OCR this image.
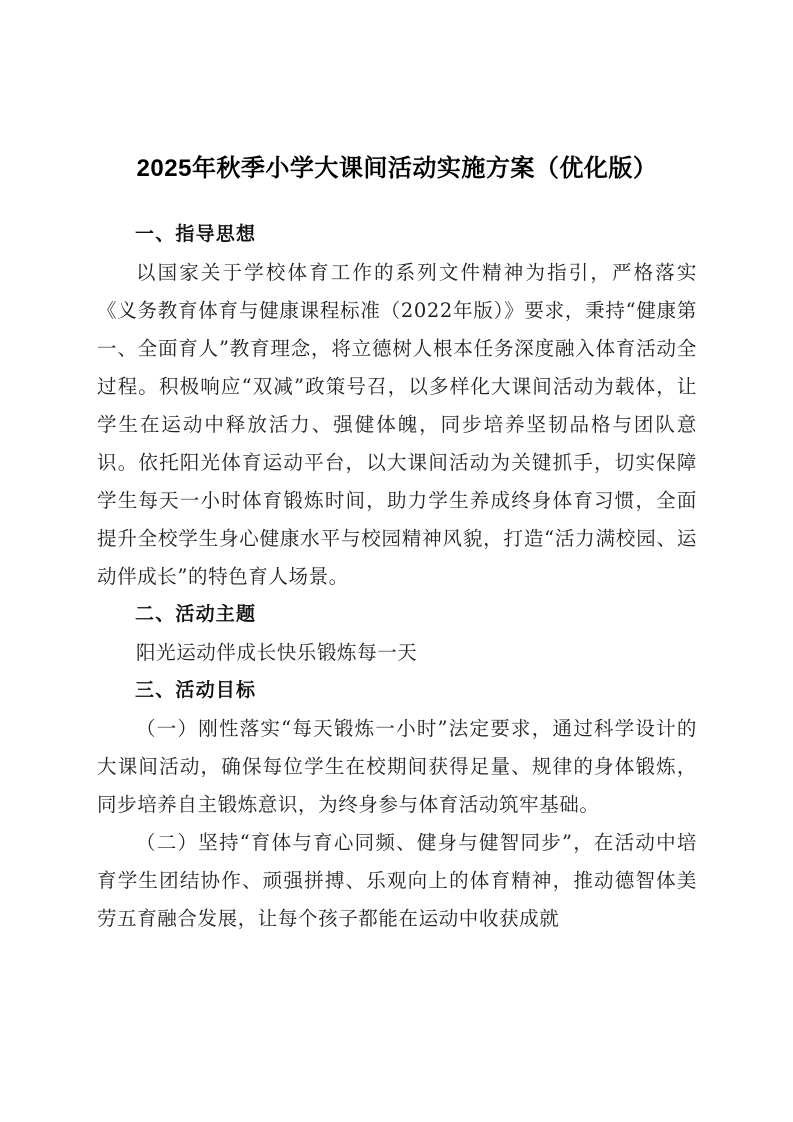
2025年秋季小学大课间活动实施方案（优化版）
一、指导思想

以国家关于学校体育工作的系列文件精神为指引，严格落实《义务教育体育与健康课程标准（2022年版）》要求，秉持“健康第一、全面育人”教育理念，将立德树人根本任务深度融入体育活动全过程。积极响应“双减”政策号召，以多样化大课间活动为载体，让学生在运动中释放活力、强健体魄，同步培养坚韧品格与团队意识。依托阳光体育运动平台，以大课间活动为关键抓手，切实保障学生每天一小时体育锻炼时间，助力学生养成终身体育习惯，全面提升全校学生身心健康水平与校园精神风貌，打造“活力满校园、运动伴成长”的特色育人场景。

二、活动主题

阳光运动伴成长快乐锻炼每一天

三、活动目标

（一）刚性落实“每天锻炼一小时”法定要求，通过科学设计的大课间活动，确保每位学生在校期间获得足量、规律的身体锻炼，同步培养自主锻炼意识，为终身参与体育活动筑牢基础。

（二）坚持“育体与育心同频、健身与健智同步”，在活动中培育学生团结协作、顽强拼搏、乐观向上的体育精神，推动德智体美劳五育融合发展，让每个孩子都能在运动中收获成就
